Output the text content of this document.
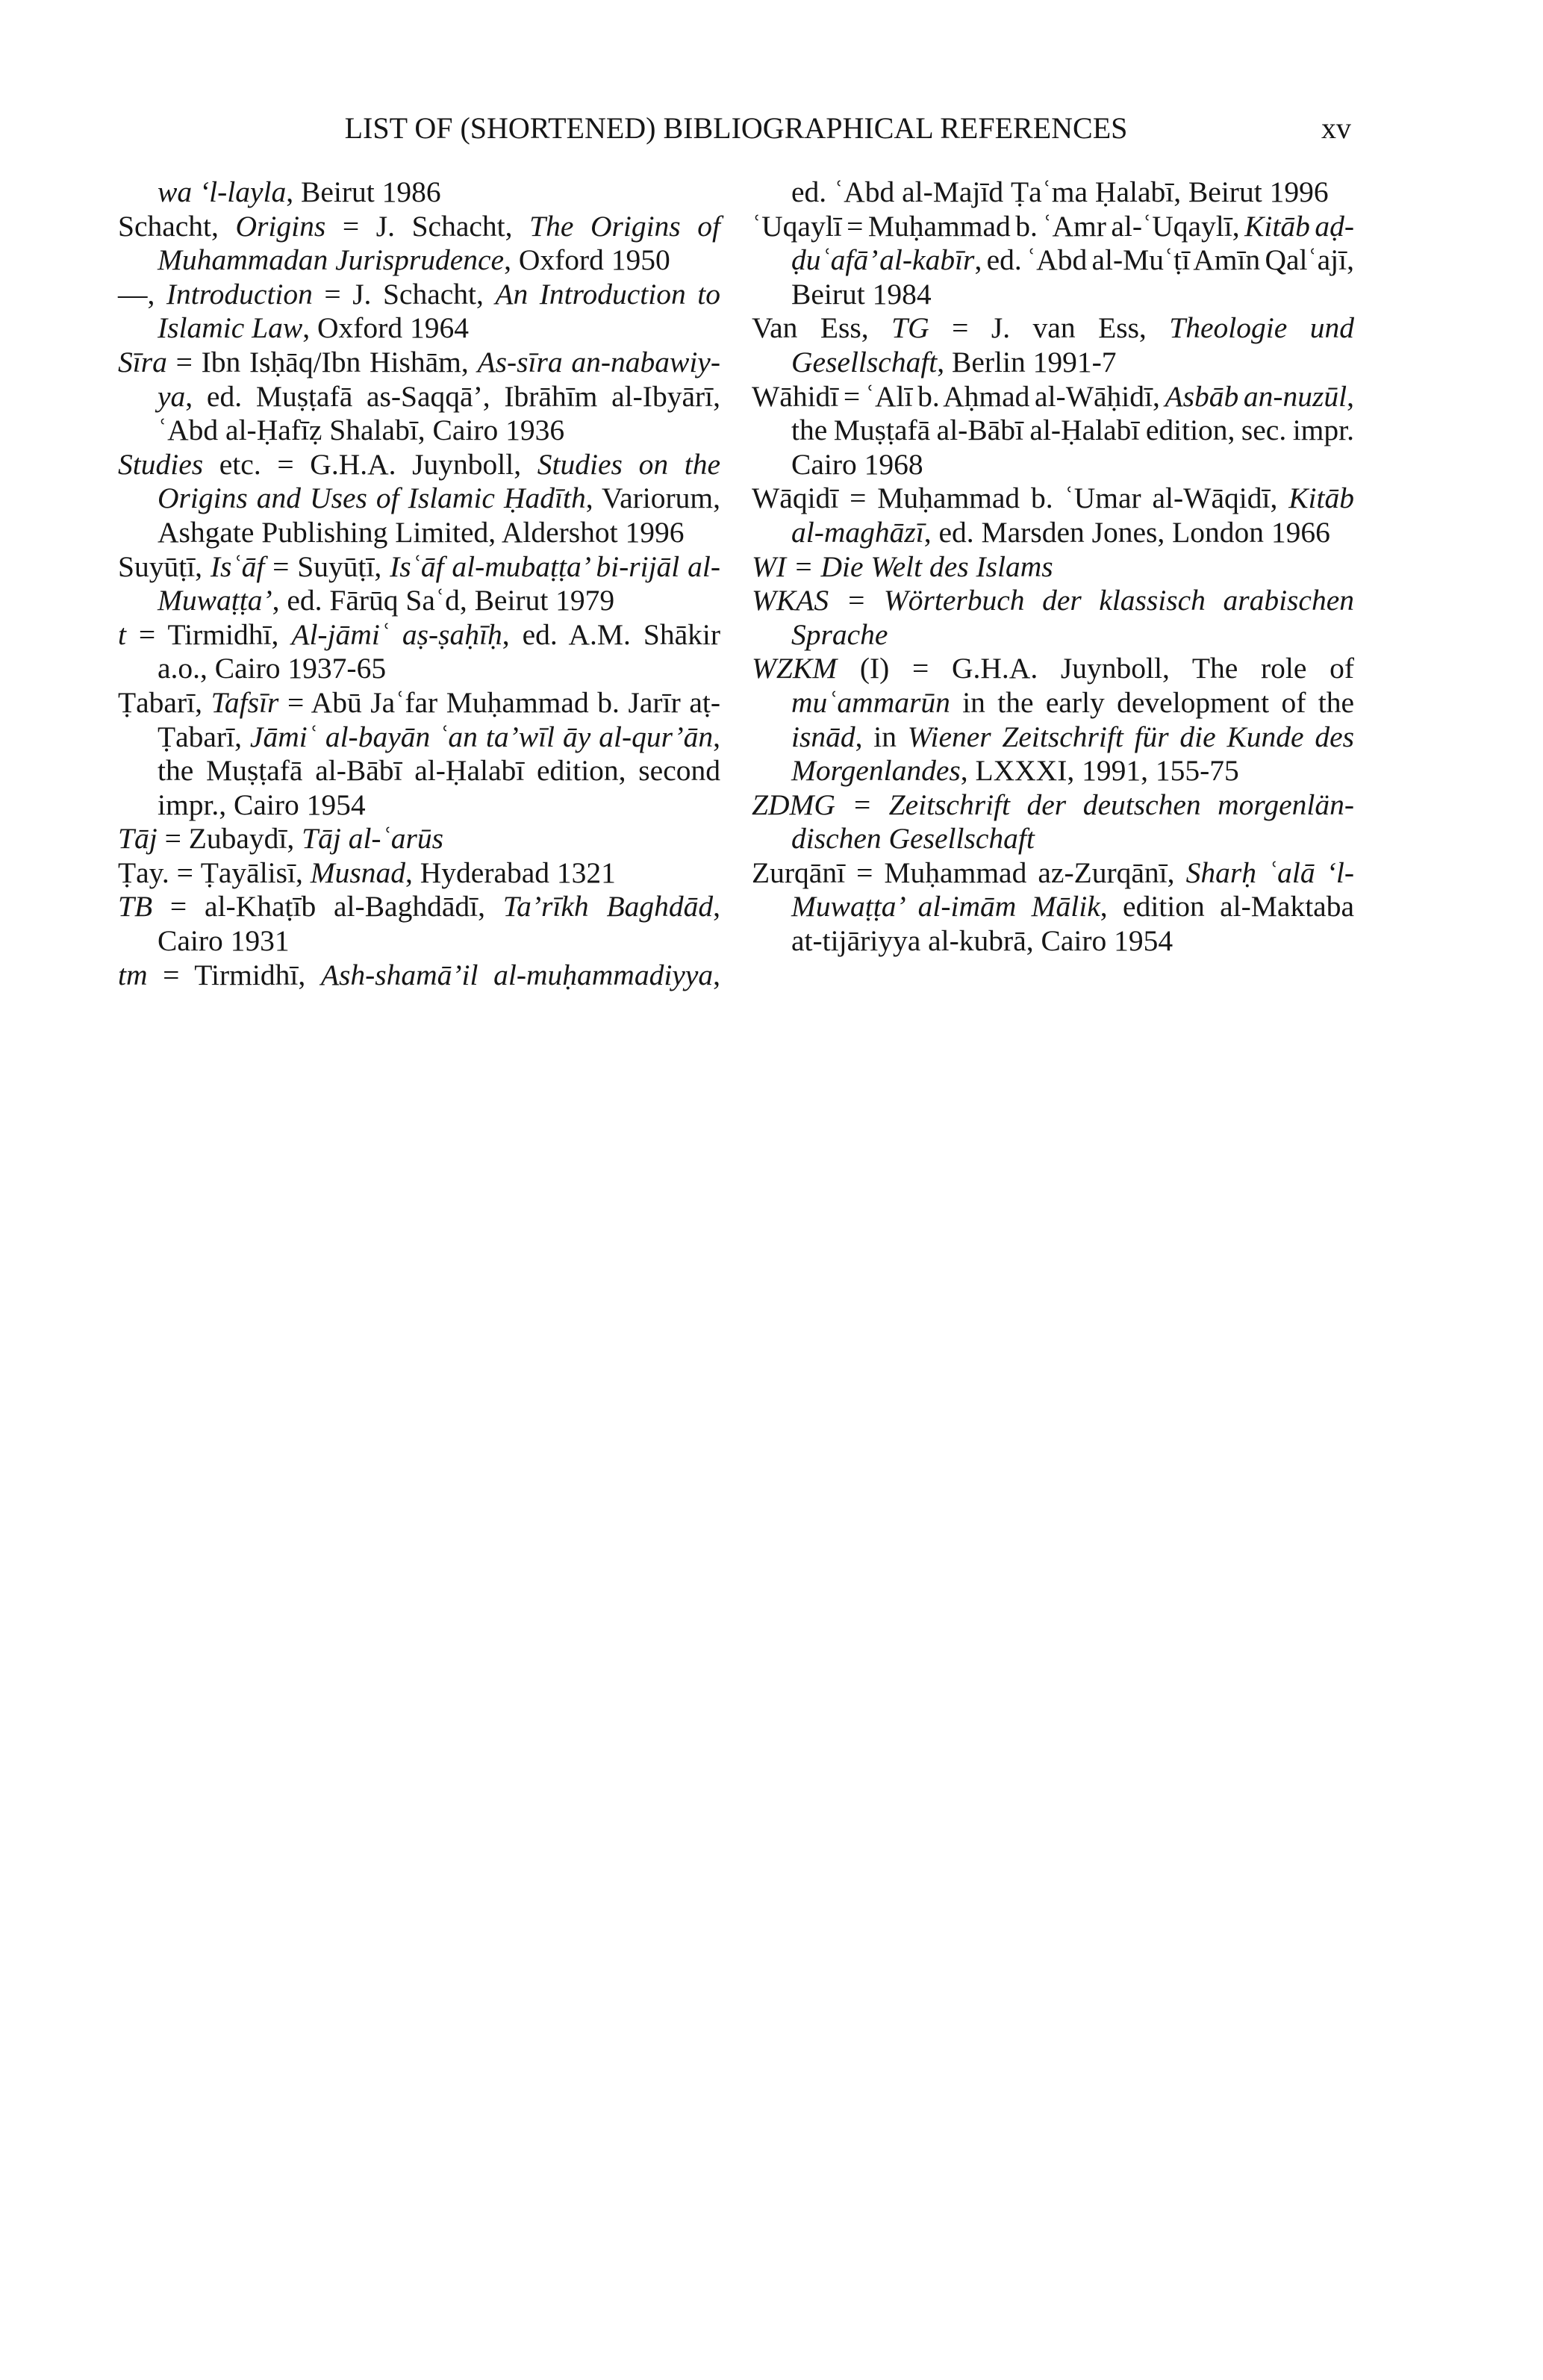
LIST OF (SHORTENED) BIBLIOGRAPHICAL REFERENCES	xv
wa ‘l-layla, Beirut 1986
Schacht, Origins = J. Schacht, The Origins of
Muhammadan Jurisprudence, Oxford 1950
—, Introduction = J. Schacht, An Introduction to
Islamic Law, Oxford 1964
Sīra = Ibn Isḥāq/Ibn Hishām, As-sīra an-nabawiy-
ya, ed. Muṣṭafā as-Saqqā’, Ibrāhīm al-Ibyārī,
ʿAbd al-Ḥafīẓ Shalabī, Cairo 1936
Studies etc. = G.H.A. Juynboll, Studies on the
Origins and Uses of Islamic Ḥadīth, Variorum,
Ashgate Publishing Limited, Aldershot 1996
Suyūṭī, Isʿāf = Suyūṭī, Isʿāf al-mubaṭṭa’ bi-rijāl al-
Muwaṭṭa’, ed. Fārūq Saʿd, Beirut 1979
t = Tirmidhī, Al-jāmiʿ aṣ-ṣaḥīḥ, ed. A.M. Shākir
a.o., Cairo 1937-65
Ṭabarī, Tafsīr = Abū Jaʿfar Muḥammad b. Jarīr aṭ-
Ṭabarī, Jāmiʿ al-bayān ʿan ta’wīl āy al-qur’ān,
the Muṣṭafā al-Bābī al-Ḥalabī edition, second
impr., Cairo 1954
Tāj = Zubaydī, Tāj al-ʿarūs
Ṭay. = Ṭayālisī, Musnad, Hyderabad 1321
TB = al-Khaṭīb al-Baghdādī, Ta’rīkh Baghdād,
Cairo 1931
tm = Tirmidhī, Ash-shamā’il al-muḥammadiyya,
ed. ʿAbd al-Majīd Ṭaʿma Ḥalabī, Beirut 1996
ʿUqaylī = Muḥammad b. ʿAmr al-ʿUqaylī, Kitāb aḍ-
ḍuʿafā’ al-kabīr, ed. ʿAbd al-Muʿṭī Amīn Qalʿajī,
Beirut 1984
Van Ess, TG = J. van Ess, Theologie und
Gesellschaft, Berlin 1991-7
Wāhidī = ʿAlī b. Aḥmad al-Wāḥidī, Asbāb an-nuzūl,
the Muṣṭafā al-Bābī al-Ḥalabī edition, sec. impr.
Cairo 1968
Wāqidī = Muḥammad b. ʿUmar al-Wāqidī, Kitāb
al-maghāzī, ed. Marsden Jones, London 1966
WI = Die Welt des Islams
WKAS = Wörterbuch der klassisch arabischen
Sprache
WZKM (I) = G.H.A. Juynboll, The role of
muʿammarūn in the early development of the
isnād, in Wiener Zeitschrift für die Kunde des
Morgenlandes, LXXXI, 1991, 155-75
ZDMG = Zeitschrift der deutschen morgenlän-
dischen Gesellschaft
Zurqānī = Muḥammad az-Zurqānī, Sharḥ ʿalā ‘l-
Muwaṭṭa’ al-imām Mālik, edition al-Maktaba
at-tijāriyya al-kubrā, Cairo 1954
